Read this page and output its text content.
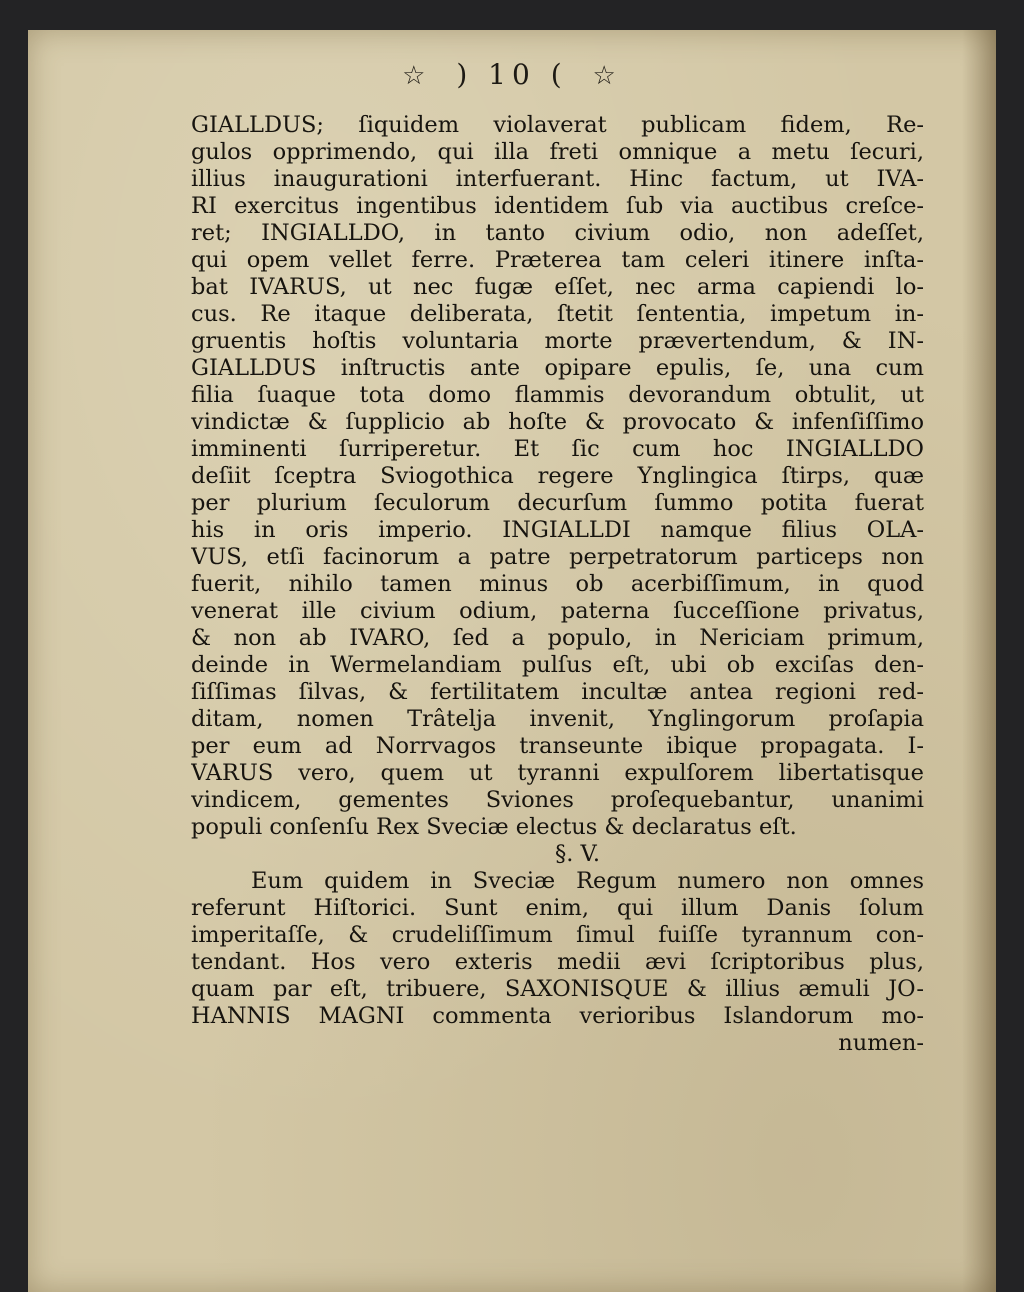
☆ ) 10 ( ☆
GIALLDUS; ſiquidem violaverat publicam fidem, Re-
gulos opprimendo, qui illa freti omnique a metu ſecuri,
illius inaugurationi interfuerant. Hinc factum, ut IVA-
RI exercitus ingentibus identidem ſub via auctibus creſce-
ret; INGIALLDO, in tanto civium odio, non adeſſet,
qui opem vellet ferre. Præterea tam celeri itinere inſta-
bat IVARUS, ut nec fugæ eſſet, nec arma capiendi lo-
cus. Re itaque deliberata, ſtetit ſententia, impetum in-
gruentis hoſtis voluntaria morte prævertendum, & IN-
GIALLDUS inſtructis ante opipare epulis, ſe, una cum
filia ſuaque tota domo flammis devorandum obtulit, ut
vindictæ & ſupplicio ab hoſte & provocato & infenſiſſimo
imminenti ſurriperetur. Et ſic cum hoc INGIALLDO
deſiit ſceptra Sviogothica regere Ynglingica ſtirps, quæ
per plurium ſeculorum decurſum ſummo potita fuerat
his in oris imperio. INGIALLDI namque filius OLA-
VUS, etſi facinorum a patre perpetratorum particeps non
fuerit, nihilo tamen minus ob acerbiſſimum, in quod
venerat ille civium odium, paterna ſucceſſione privatus,
& non ab IVARO, ſed a populo, in Nericiam primum,
deinde in Wermelandiam pulſus eſt, ubi ob exciſas den-
ſiſſimas ſilvas, & fertilitatem incultæ antea regioni red-
ditam, nomen Trâtelja invenit, Ynglingorum proſapia
per eum ad Norrvagos transeunte ibique propagata. I-
VARUS vero, quem ut tyranni expulſorem libertatisque
vindicem, gementes Sviones proſequebantur, unanimi
populi conſenſu Rex Sveciæ electus & declaratus eſt.
§. V.
Eum quidem in Sveciæ Regum numero non omnes
referunt Hiſtorici. Sunt enim, qui illum Danis ſolum
imperitaſſe, & crudeliſſimum ſimul fuiſſe tyrannum con-
tendant. Hos vero exteris medii ævi ſcriptoribus plus,
quam par eſt, tribuere, SAXONISQUE & illius æmuli JO-
HANNIS MAGNI commenta verioribus Islandorum mo-
numen-
